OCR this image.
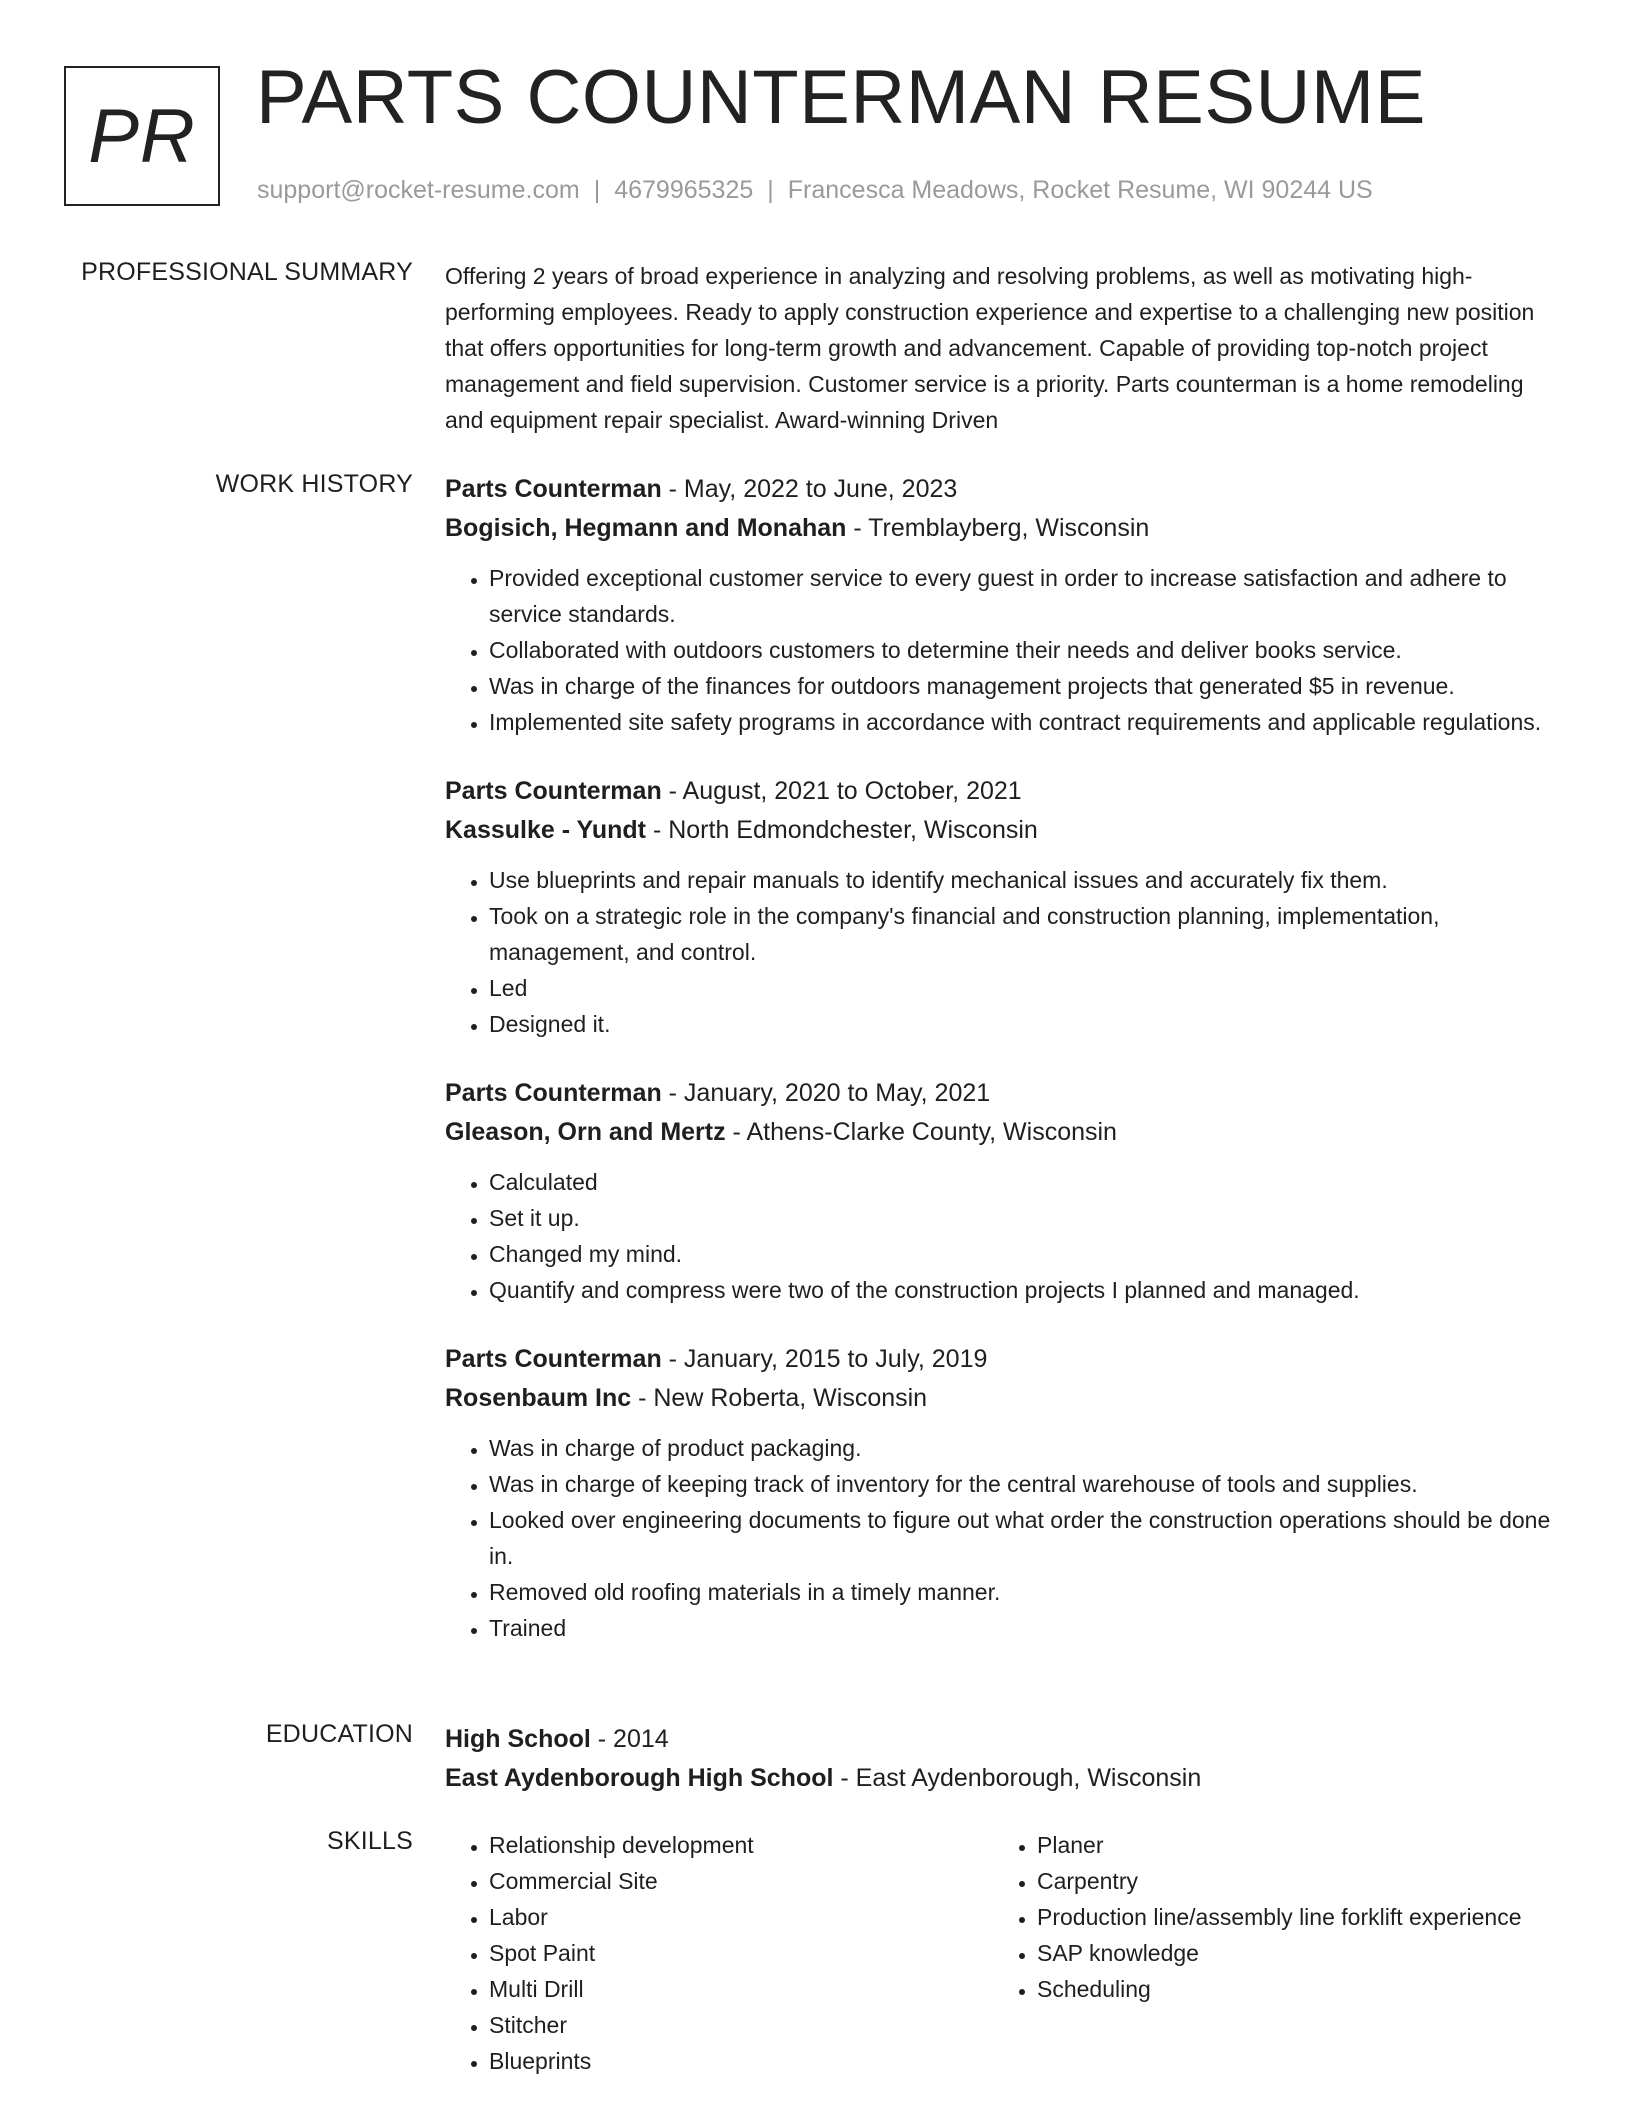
PR PARTS COUNTERMAN RESUME
support@rocket-resume.com | 4679965325 | Francesca Meadows, Rocket Resume, WI 90244 US
PROFESSIONAL SUMMARY Offering 2 years of broad experience in analyzing and resolving problems, as well as motivating high-performing employees. Ready to apply construction experience and expertise to a challenging new position that offers opportunities for long-term growth and advancement. Capable of providing top-notch project management and field supervision. Customer service is a priority. Parts counterman is a home remodeling and equipment repair specialist. Award-winning Driven

WORK HISTORY Parts Counterman - May, 2022 to June, 2023
Bogisich, Hegmann and Monahan - Tremblayberg, Wisconsin
• Provided exceptional customer service to every guest in order to increase satisfaction and adhere to service standards.
• Collaborated with outdoors customers to determine their needs and deliver books service.
• Was in charge of the finances for outdoors management projects that generated $5 in revenue.
• Implemented site safety programs in accordance with contract requirements and applicable regulations.
Parts Counterman - August, 2021 to October, 2021
Kassulke - Yundt - North Edmondchester, Wisconsin
• Use blueprints and repair manuals to identify mechanical issues and accurately fix them.
• Took on a strategic role in the company's financial and construction planning, implementation, management, and control.
• Led
• Designed it.
Parts Counterman - January, 2020 to May, 2021
Gleason, Orn and Mertz - Athens-Clarke County, Wisconsin
• Calculated
• Set it up.
• Changed my mind.
• Quantify and compress were two of the construction projects I planned and managed.
Parts Counterman - January, 2015 to July, 2019
Rosenbaum Inc - New Roberta, Wisconsin
• Was in charge of product packaging.
• Was in charge of keeping track of inventory for the central warehouse of tools and supplies.
• Looked over engineering documents to figure out what order the construction operations should be done in.
• Removed old roofing materials in a timely manner.
• Trained
EDUCATION High School - 2014
East Aydenborough High School - East Aydenborough, Wisconsin
SKILLS
•	Relationship development
• Commercial Site
• Labor
• Spot Paint
• Multi Drill
• Stitcher
• Blueprints
• Planer
• Carpentry
• Production line/assembly line forklift experience
• SAP knowledge
• Scheduling
